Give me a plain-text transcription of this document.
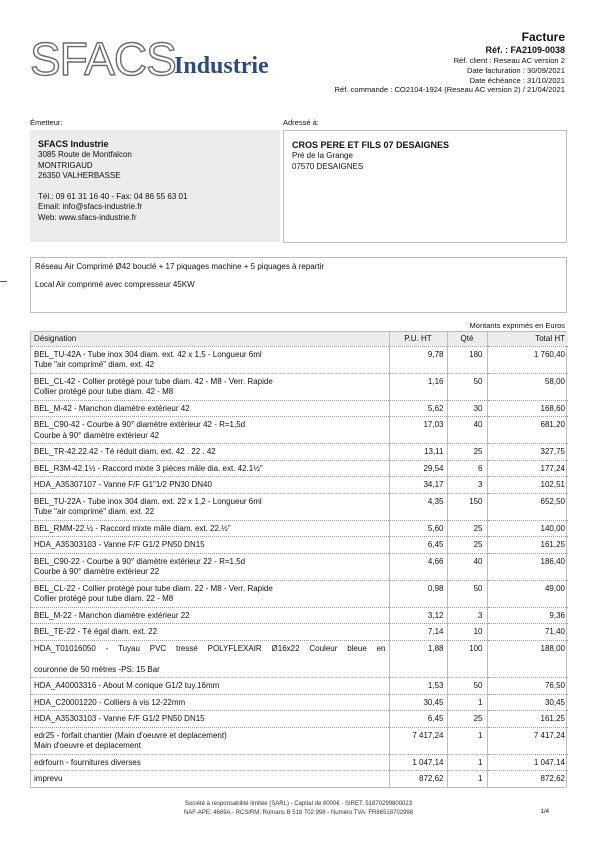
SFACS
Industrie
Facture
Réf. : FA2109-0038
Réf. client : Reseau AC version 2
Date facturation : 30/09/2021
Date échéance : 31/10/2021
Réf. commande : CO2104-1924 (Reseau AC version 2) / 21/04/2021
Émetteur:	Adressé à:
SFACS Industrie
3085 Route de Montfalcon
MONTRIGAUD
26350 VALHERBASSE
Tél.: 09 61 31 16 40 - Fax: 04 86 55 63 01
Email: info@sfacs-industrie.fr
Web: www.sfacs-industrie.fr
CROS PERE ET FILS 07 DESAIGNES
Pré de la Grange
07570 DESAIGNES
Réseau Air Comprimé Ø42 bouclé + 17 piquages machine + 5 piquages à repartir
Local Air comprimé avec compresseur 45KW
Montants exprimés en Euros
Désignation	P.U. HT	Qté	Total HT

BEL_TU-42A - Tube inox 304 diam. ext. 42 x 1,5 - Longueur 6ml
Tube "air comprimé" diam. ext. 42	9,78	180	1 760,40

BEL_CL-42 - Collier protégé pour tube diam. 42 - M8 - Verr. Rapide
Collier protégé pour tube diam. 42 - M8	1,16	50	58,00

BEL_M-42 - Manchon diamètre extérieur 42	5,62	30	168,60

BEL_C90-42 - Courbe à 90° diamètre extérieur 42 - R=1,5d
Courbe à 90° diamètre extérieur 42	17,03	40	681,20

BEL_TR-42.22.42 - Té réduit diam. ext. 42 . 22 . 42	13,11	25	327,75

BEL_R3M-42.1½ - Raccord mixte 3 pièces mâle dia. ext. 42.1½"	29,54	6	177,24

HDA_A35307107 - Vanne F/F G1"1/2 PN30 DN40	34,17	3	102,51

BEL_TU-22A - Tube inox 304 diam. ext. 22 x 1,2 - Longueur 6ml
Tube "air comprimé" diam. ext. 22	4,35	150	652,50

BEL_RMM-22.½ - Raccord mixte mâle diam. ext. 22.½"	5,60	25	140,00

HDA_A35303103 - Vanne F/F G1/2 PN50 DN15	6,45	25	161,25

BEL_C90-22 - Courbe à 90° diamètre extérieur 22 - R=1,5d
Courbe à 90° diamètre extérieur 22	4,66	40	186,40

BEL_CL-22 - Collier protégé pour tube diam. 22 - M8 - Verr. Rapide
Collier protégé pour tube diam. 22 - M8	0,98	50	49,00

BEL_M-22 - Manchon diamètre extérieur 22	3,12	3	9,36

BEL_TE-22 - Té égal diam. ext. 22	7,14	10	71,40

HDA_T01016050 - Tuyau PVC tressé POLYFLEXAIR Ø16x22 Couleur bleue en
couronne de 50 mètres -PS: 15 Bar	1,88	100	188,00

HDA_A40003316 - About M conique G1/2 tuy.16mm	1,53	50	76,50

HDA_C20001220 - Colliers à vis 12-22mm	30,45	1	30,45

HDA_A35303103 - Vanne F/F G1/2 PN50 DN15	6,45	25	161,25

edr25 - forfait chantier (Main d'oeuvre et deplacement)
Main d'oeuvre et deplacement	7 417,24	1	7 417,24

edrfourn - fournitures diverses	1 047,14	1	1 047,14

imprevu	872,62	1	872,62
Société à responsabilité limitée (SARL) - Capital de 8000€ - SIRET: 51870299800023
NAF-APE: 4669A - RCS/RM: Romans B 518 702 998 - Numéro TVA: FR86518702998	1/4
